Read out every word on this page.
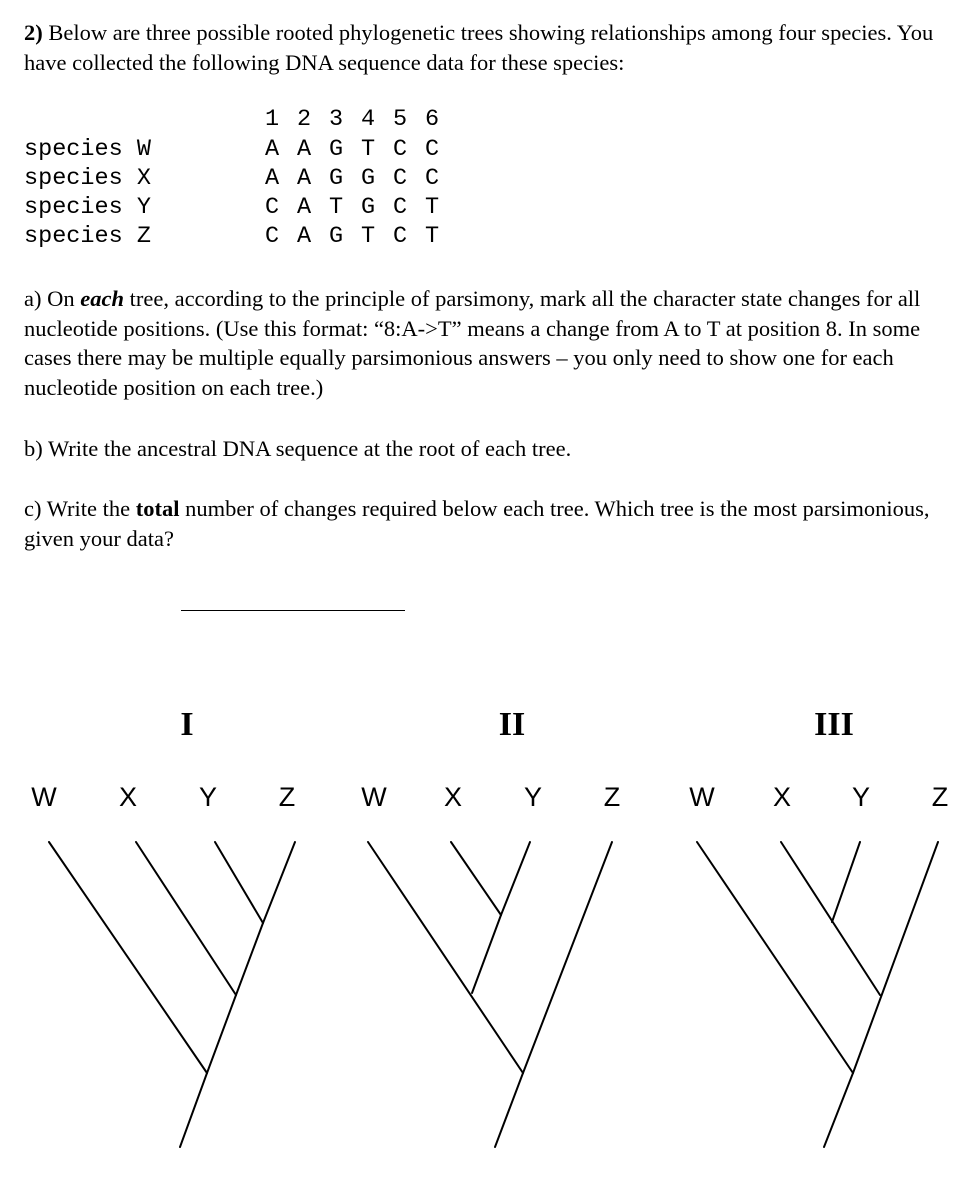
2) Below are three possible rooted phylogenetic trees showing relationships among four species. You have collected the following DNA sequence data for these species:
1 2 3 4 5 6
species W	A A G T C C
species X	A A G G C C
species Y	C A T G C T
species Z	C A G T C T
a) On each tree, according to the principle of parsimony, mark all the character state changes for all nucleotide positions. (Use this format: “8:A->T” means a change from A to T at position 8. In some cases there may be multiple equally parsimonious answers – you only need to show one for each nucleotide position on each tree.)
b) Write the ancestral DNA sequence at the root of each tree.
c) Write the total number of changes required below each tree. Which tree is the most parsimonious, given your data?
I	II	III
W X Y Z W X Y Z	W X Y Z
